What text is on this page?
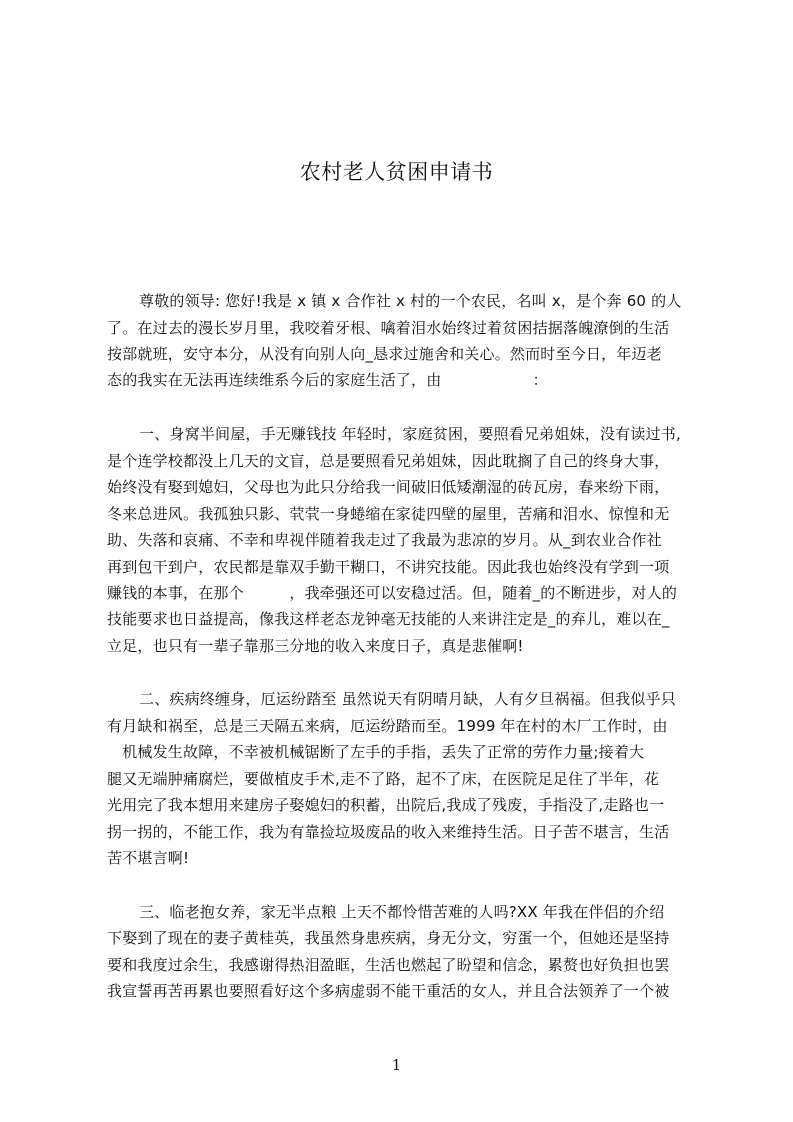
农村老人贫困申请书
尊敬的领导: 您好!我是 x 镇 x 合作社 x 村的一个农民，名叫 x，是个奔 60 的人
了。在过去的漫长岁月里，我咬着牙根、噙着泪水始终过着贫困拮据落魄潦倒的生活
按部就班，安守本分，从没有向别人向_恳求过施舍和关心。然而时至今日，年迈老
态的我实在无法再连续维系今后的家庭生活了，由　　　　　　：
一、身窝半间屋，手无赚钱技 年轻时，家庭贫困，要照看兄弟姐妹，没有读过书,
是个连学校都没上几天的文盲，总是要照看兄弟姐妹，因此耽搁了自己的终身大事，
始终没有娶到媳妇，父母也为此只分给我一间破旧低矮潮湿的砖瓦房，春来纷下雨，
冬来总进风。我孤独只影、茕茕一身蜷缩在家徒四壁的屋里，苦痛和泪水、惊惶和无
助、失落和哀痛、不幸和卑视伴随着我走过了我最为悲凉的岁月。从_到农业合作社
再到包干到户，农民都是靠双手勤干糊口，不讲究技能。因此我也始终没有学到一项
赚钱的本事，在那个　　　，我牵强还可以安稳过活。但，随着_的不断进步，对人的
技能要求也日益提高，像我这样老态龙钟毫无技能的人来讲注定是_的弃儿，难以在_
立足，也只有一辈子靠那三分地的收入来度日子，真是悲催啊!
二、疾病终缠身，厄运纷踏至 虽然说天有阴晴月缺，人有夕旦祸福。但我似乎只
有月缺和祸至，总是三天隔五来病，厄运纷踏而至。1999 年在村的木厂工作时，由
　机械发生故障，不幸被机械锯断了左手的手指，丢失了正常的劳作力量;接着大
腿又无端肿痛腐烂，要做植皮手术,走不了路，起不了床，在医院足足住了半年，花
光用完了我本想用来建房子娶媳妇的积蓄，出院后,我成了残废，手指没了,走路也一
拐一拐的，不能工作，我为有靠捡垃圾废品的收入来维持生活。日子苦不堪言，生活
苦不堪言啊!
三、临老抱女养，家无半点粮 上天不都怜惜苦难的人吗?XX 年我在伴侣的介绍
下娶到了现在的妻子黄桂英，我虽然身患疾病，身无分文，穷蛋一个，但她还是坚持
要和我度过余生，我感谢得热泪盈眶，生活也燃起了盼望和信念，累赘也好负担也罢
我宣誓再苦再累也要照看好这个多病虚弱不能干重活的女人，并且合法领养了一个被
1
